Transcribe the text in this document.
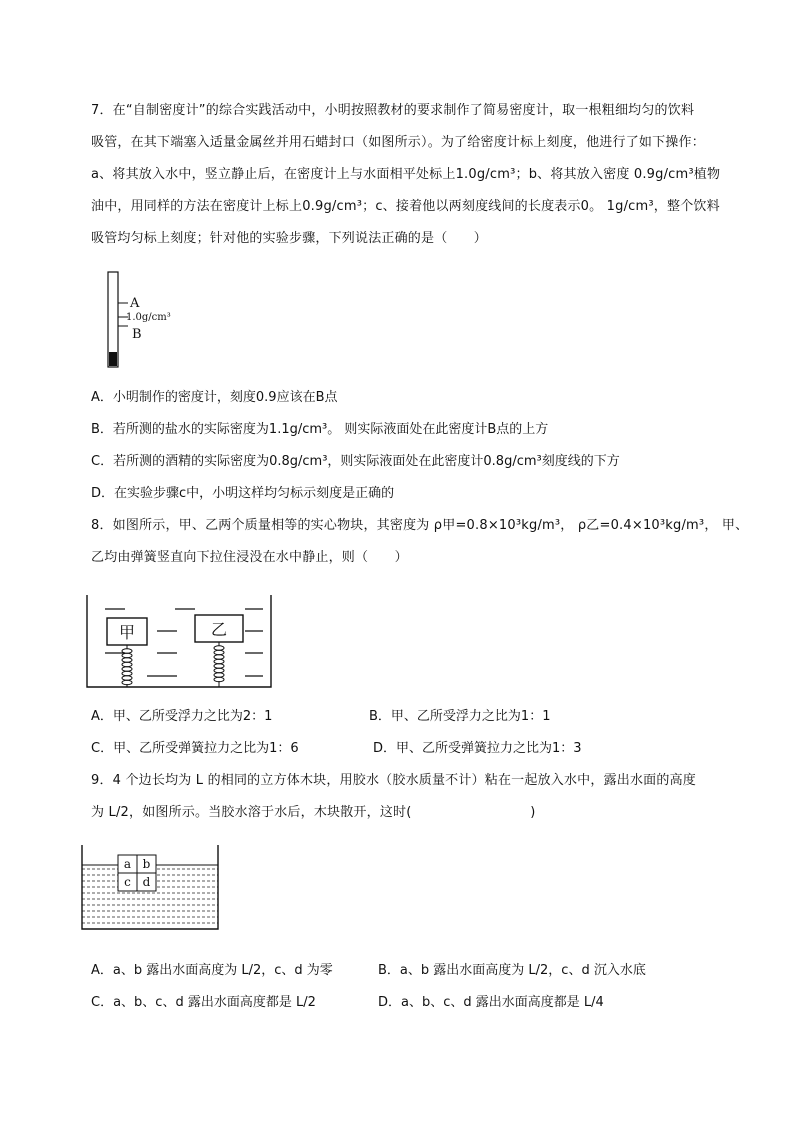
7．在“自制密度计”的综合实践活动中，小明按照教材的要求制作了简易密度计，取一根粗细均匀的饮料
吸管，在其下端塞入适量金属丝并用石蜡封口（如图所示）。为了给密度计标上刻度，他进行了如下操作：
a、将其放入水中，竖立静止后，在密度计上与水面相平处标上1.0g/cm³；b、将其放入密度 0.9g/cm³植物
油中，用同样的方法在密度计上标上0.9g/cm³；c、接着他以两刻度线间的长度表示0。 1g/cm³，整个饮料
吸管均匀标上刻度；针对他的实验步骤，下列说法正确的是（　　）
A
1.0g/cm³
B
A．小明制作的密度计，刻度0.9应该在B点
B．若所测的盐水的实际密度为1.1g/cm³。 则实际液面处在此密度计B点的上方
C．若所测的酒精的实际密度为0.8g/cm³，则实际液面处在此密度计0.8g/cm³刻度线的下方
D．在实验步骤c中，小明这样均匀标示刻度是正确的
8．如图所示，甲、乙两个质量相等的实心物块，其密度为 ρ甲=0.8×10³kg/m³， ρ乙=0.4×10³kg/m³， 甲、
乙均由弹簧竖直向下拉住浸没在水中静止，则（　　）
甲	乙
A．甲、乙所受浮力之比为2：1	B．甲、乙所受浮力之比为1：1
C．甲、乙所受弹簧拉力之比为1：6	D．甲、乙所受弹簧拉力之比为1：3
9．4 个边长均为 L 的相同的立方体木块，用胶水（胶水质量不计）粘在一起放入水中，露出水面的高度
为 L/2，如图所示。当胶水溶于水后，木块散开，这时(　　　　　　　　　)
a b
c d
A．a、b 露出水面高度为 L/2，c、d 为零	B．a、b 露出水面高度为 L/2，c、d 沉入水底
C．a、b、c、d 露出水面高度都是 L/2	D．a、b、c、d 露出水面高度都是 L/4
